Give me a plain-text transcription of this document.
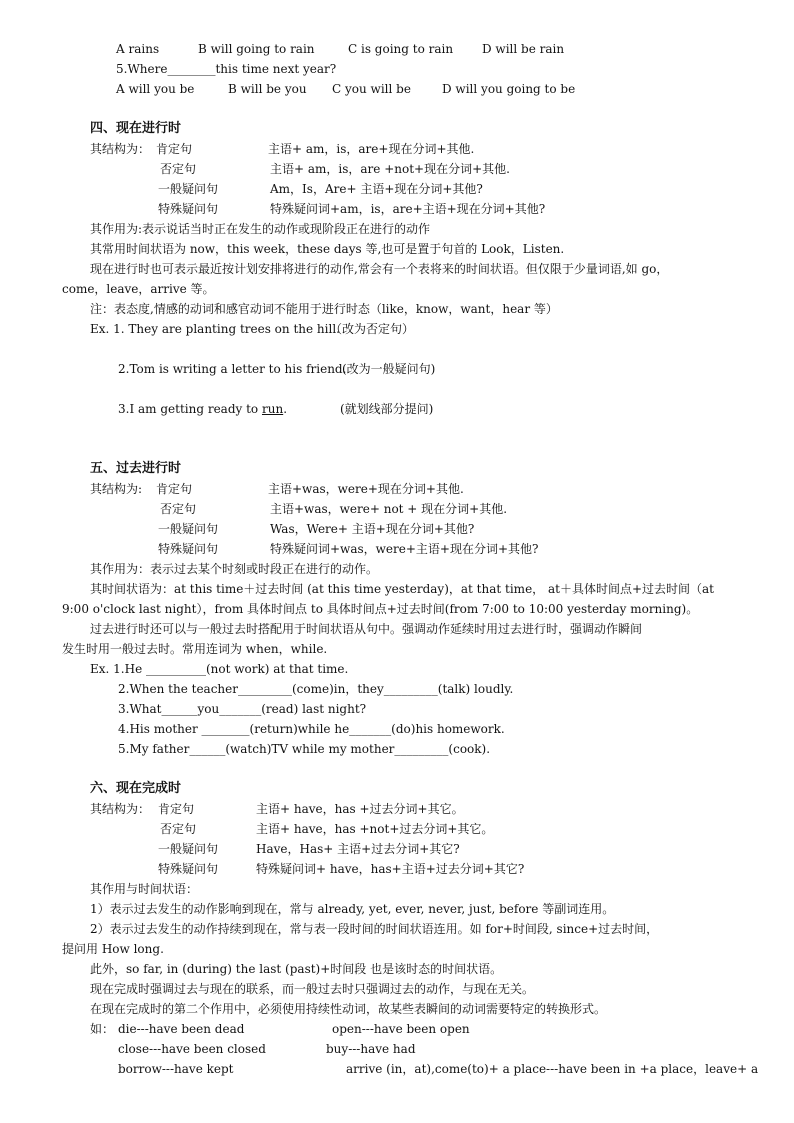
A rains	B will going to rain	C is going to rain D will be rain
5.Where________this time next year?
A will you be	B will be you C you will be	D will you going to be
四、现在进行时
其结构为： 肯定句	主语+ am，is，are+现在分词+其他.
否定句	主语+ am，is，are +not+现在分词+其他.
一般疑问句	Am，Is，Are+ 主语+现在分词+其他?
特殊疑问句	特殊疑问词+am，is，are+主语+现在分词+其他?
其作用为:表示说话当时正在发生的动作或现阶段正在进行的动作
其常用时间状语为 now，this week，these days 等,也可是置于句首的 Look，Listen.
现在进行时也可表示最近按计划安排将进行的动作,常会有一个表将来的时间状语。但仅限于少量词语,如 go，
come，leave，arrive 等。
注：表态度,情感的动词和感官动词不能用于进行时态（like，know，want，hear 等）
Ex. 1. They are planting trees on the hill.
（改为否定句）
2.Tom is writing a letter to his friend.
(改为一般疑问句)
3.I am getting ready to run.	(就划线部分提问)
五、过去进行时
其结构为: 肯定句	主语+was，were+现在分词+其他.
否定句	主语+was，were+ not + 现在分词+其他.
一般疑问句	Was，Were+ 主语+现在分词+其他?
特殊疑问句	特殊疑问词+was，were+主语+现在分词+其他?
其作用为：表示过去某个时刻或时段正在进行的动作。
其时间状语为：at this time＋过去时间 (at this time yesterday)，at that time， at＋具体时间点+过去时间（at
9:00 o'clock last night），from 具体时间点 to 具体时间点+过去时间(from 7:00 to 10:00 yesterday morning)。
过去进行时还可以与一般过去时搭配用于时间状语从句中。强调动作延续时用过去进行时，强调动作瞬间
发生时用一般过去时。常用连词为 when，while.
Ex. 1.He __________(not work) at that time.
2.When the teacher_________(come)in，they_________(talk) loudly.
3.What______you_______(read) last night?
4.His mother ________(return)while he_______(do)his homework.
5.My father______(watch)TV while my mother_________(cook).
六、现在完成时
其结构为： 肯定句	主语+ have，has +过去分词+其它。
否定句	主语+ have，has +not+过去分词+其它。
一般疑问句	Have，Has+ 主语+过去分词+其它?
特殊疑问句	特殊疑问词+ have，has+主语+过去分词+其它?
其作用与时间状语：
1）表示过去发生的动作影响到现在，常与 already, yet, ever, never, just, before 等副词连用。
2）表示过去发生的动作持续到现在，常与表一段时间的时间状语连用。如 for+时间段, since+过去时间，
提问用 How long.
此外，so far, in (during) the last (past)+时间段 也是该时态的时间状语。
现在完成时强调过去与现在的联系，而一般过去时只强调过去的动作，与现在无关。
在现在完成时的第二个作用中，必须使用持续性动词，故某些表瞬间的动词需要特定的转换形式。
如： die---have been dead	open---have been open
close---have been closed	buy---have had
borrow---have kept	arrive (in，at),come(to)+ a place---have been in +a place，leave+ a
